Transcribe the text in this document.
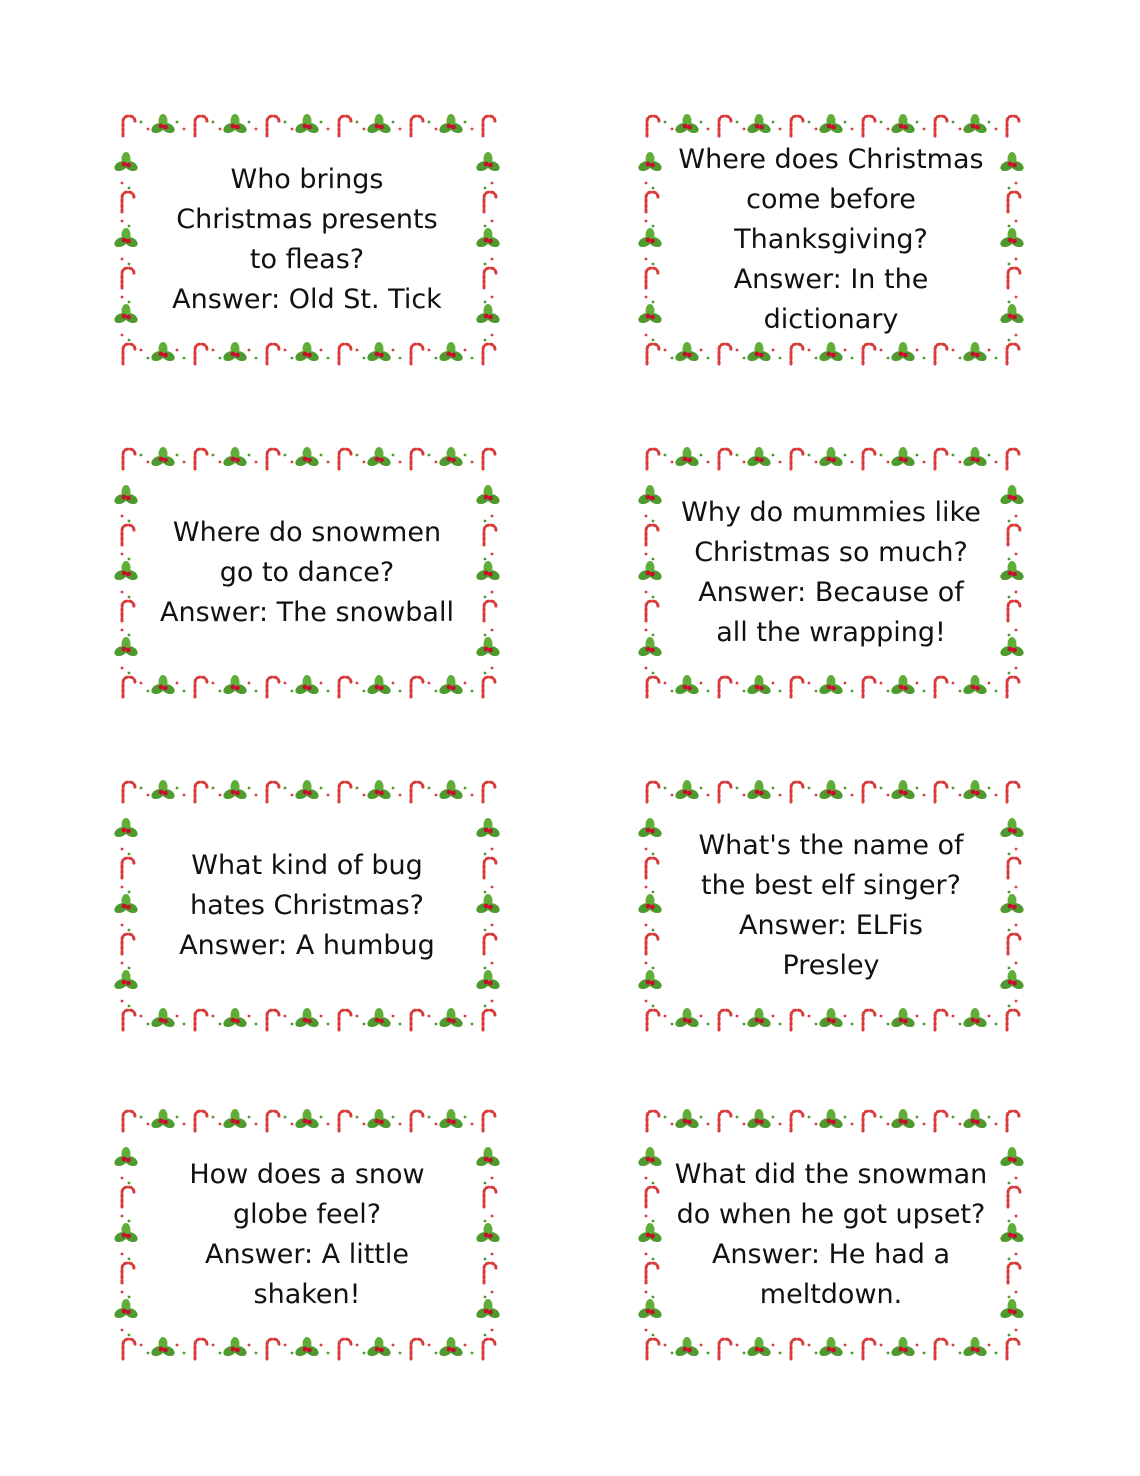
Who brings
Christmas presents
to fleas?
Answer: Old St. Tick
Where does Christmas
come before
Thanksgiving?
Answer: In the
dictionary
Where do snowmen
go to dance?
Answer: The snowball
Why do mummies like
Christmas so much?
Answer: Because of
all the wrapping!
What kind of bug
hates Christmas?
Answer: A humbug
What's the name of
the best elf singer?
Answer: ELFis
Presley
How does a snow
globe feel?
Answer: A little
shaken!
What did the snowman
do when he got upset?
Answer: He had a
meltdown.
